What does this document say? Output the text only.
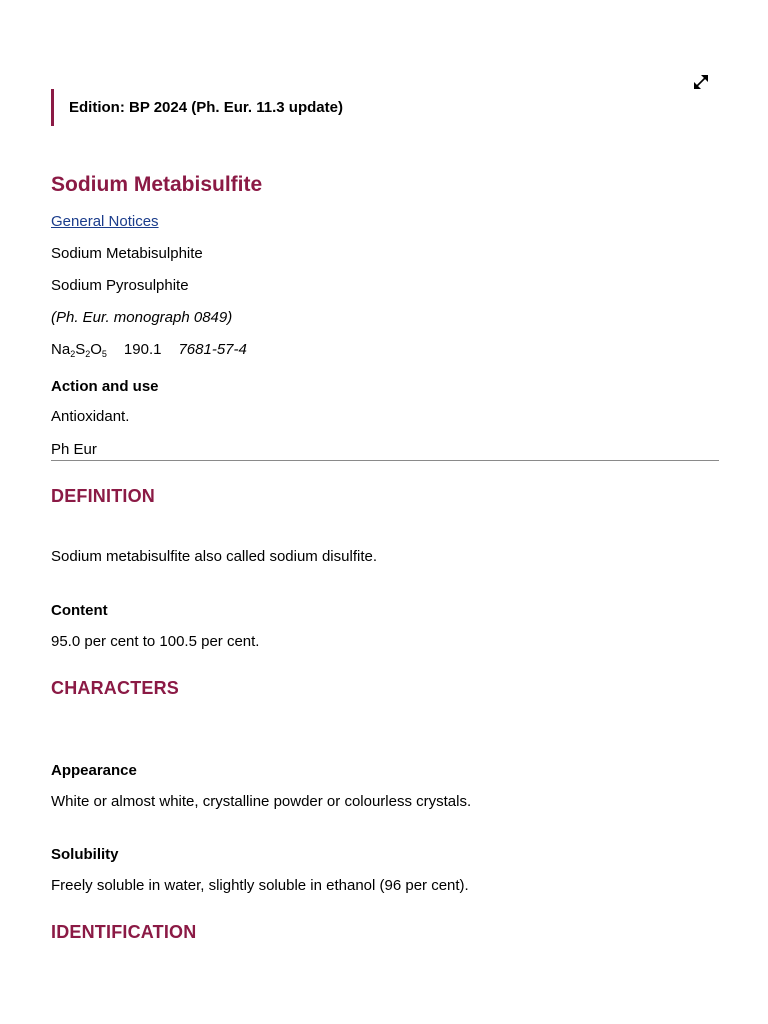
Edition: BP 2024 (Ph. Eur. 11.3 update)
Sodium Metabisulfite
General Notices
Sodium Metabisulphite
Sodium Pyrosulphite
(Ph. Eur. monograph 0849)
$Na_2S_2O_5$ 190.1 7681-57-4
Action and use
Antioxidant.
Ph Eur
DEFINITION
Sodium metabisulfite also called sodium disulfite.
Content
95.0 per cent to 100.5 per cent.
CHARACTERS
Appearance
White or almost white, crystalline powder or colourless crystals.
Solubility
Freely soluble in water, slightly soluble in ethanol (96 per cent).
IDENTIFICATION
